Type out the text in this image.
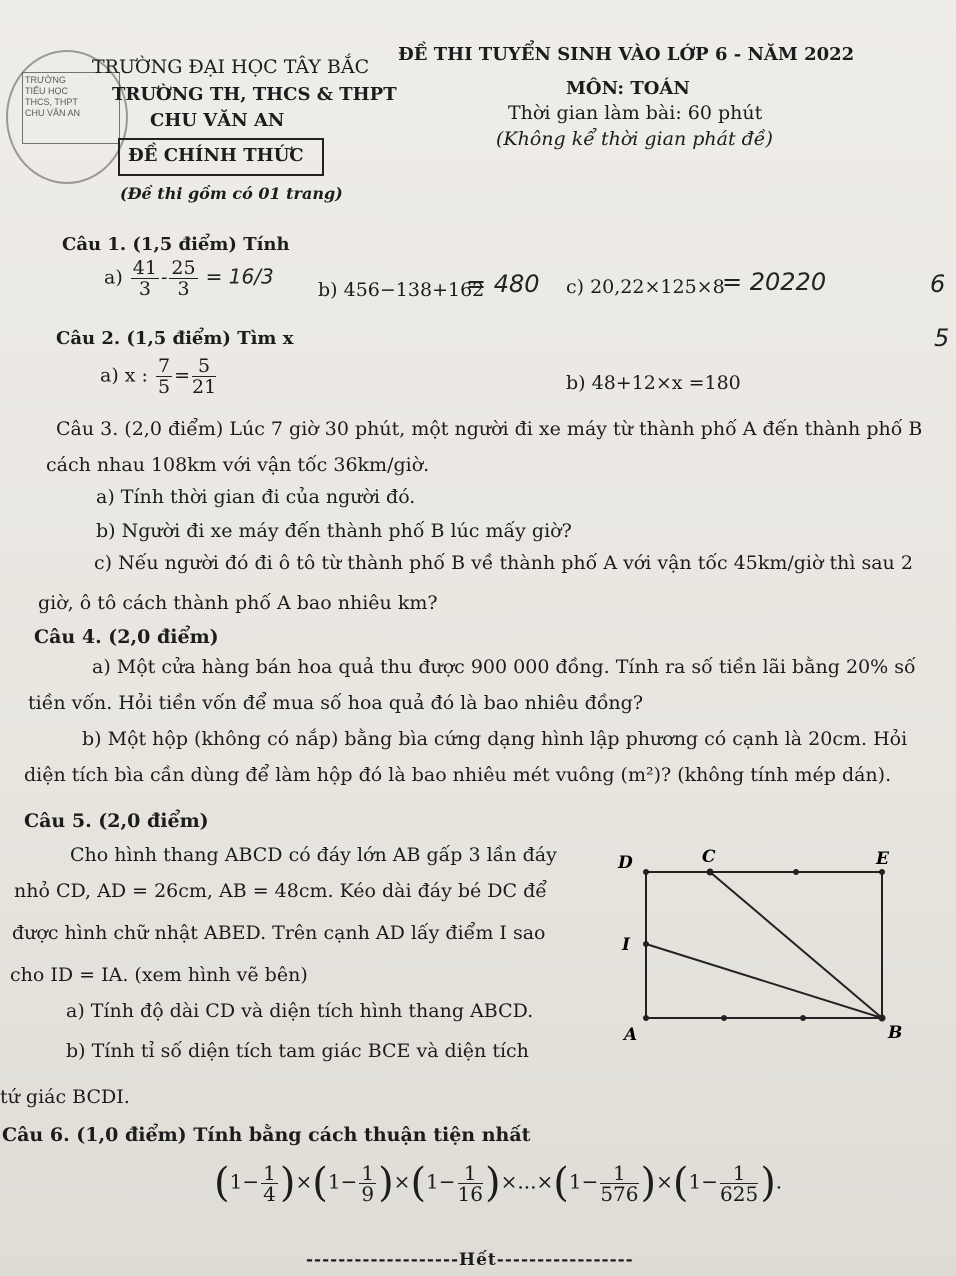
TRƯỜNG
TIỂU HỌC
THCS, THPT
CHU VĂN AN
TRƯỜNG ĐẠI HỌC TÂY BẮC
TRƯỜNG TH, THCS & THPT
CHU VĂN AN
ĐỀ CHÍNH THỨC
(Đề thi gồm có 01 trang)
ĐỀ THI TUYỂN SINH VÀO LỚP 6 - NĂM 2022
MÔN: TOÁN
Thời gian làm bài: 60 phút
(Không kể thời gian phát đề)
Câu 1. (1,5 điểm) Tính
$a) \frac{41}{3} - \frac{25}{3} = 16/3$
b) 456−138+162
= 480 c) 20,22×125×8
= 20220	6
5
Câu 2. (1,5 điểm) Tìm x
a) x : $\frac{7}{5} = \frac{5}{21}$	b) 48+12×x =180
Câu 3. (2,0 điểm) Lúc 7 giờ 30 phút, một người đi xe máy từ thành phố A đến thành phố B
cách nhau 108km với vận tốc 36km/giờ.
a) Tính thời gian đi của người đó.
b) Người đi xe máy đến thành phố B lúc mấy giờ?
c) Nếu người đó đi ô tô từ thành phố B về thành phố A với vận tốc 45km/giờ thì sau 2
giờ, ô tô cách thành phố A bao nhiêu km?
Câu 4. (2,0 điểm)
a) Một cửa hàng bán hoa quả thu được 900 000 đồng. Tính ra số tiền lãi bằng 20% số
tiền vốn. Hỏi tiền vốn để mua số hoa quả đó là bao nhiêu đồng?
b) Một hộp (không có nắp) bằng bìa cứng dạng hình lập phương có cạnh là 20cm. Hỏi
diện tích bìa cần dùng để làm hộp đó là bao nhiêu mét vuông (m²)? (không tính mép dán).
Câu 5. (2,0 điểm)
Cho hình thang ABCD có đáy lớn AB gấp 3 lần đáy
nhỏ CD, AD = 26cm, AB = 48cm. Kéo dài đáy bé DC để
được hình chữ nhật ABED. Trên cạnh AD lấy điểm I sao
cho ID = IA. (xem hình vẽ bên)
a) Tính độ dài CD và diện tích hình thang ABCD.
b) Tính tỉ số diện tích tam giác BCE và diện tích
tứ giác BCDI.
D	C	E
I
A	B
Câu 6. (1,0 điểm) Tính bằng cách thuận tiện nhất
$(1- \frac{1}{4} )\times(1- \frac{1}{9} )\times(1- \frac{1}{16} )\times...\times(1- \frac{1}{576} )\times(1- \frac{1}{625}$ ).
-------------------Hết-----------------
